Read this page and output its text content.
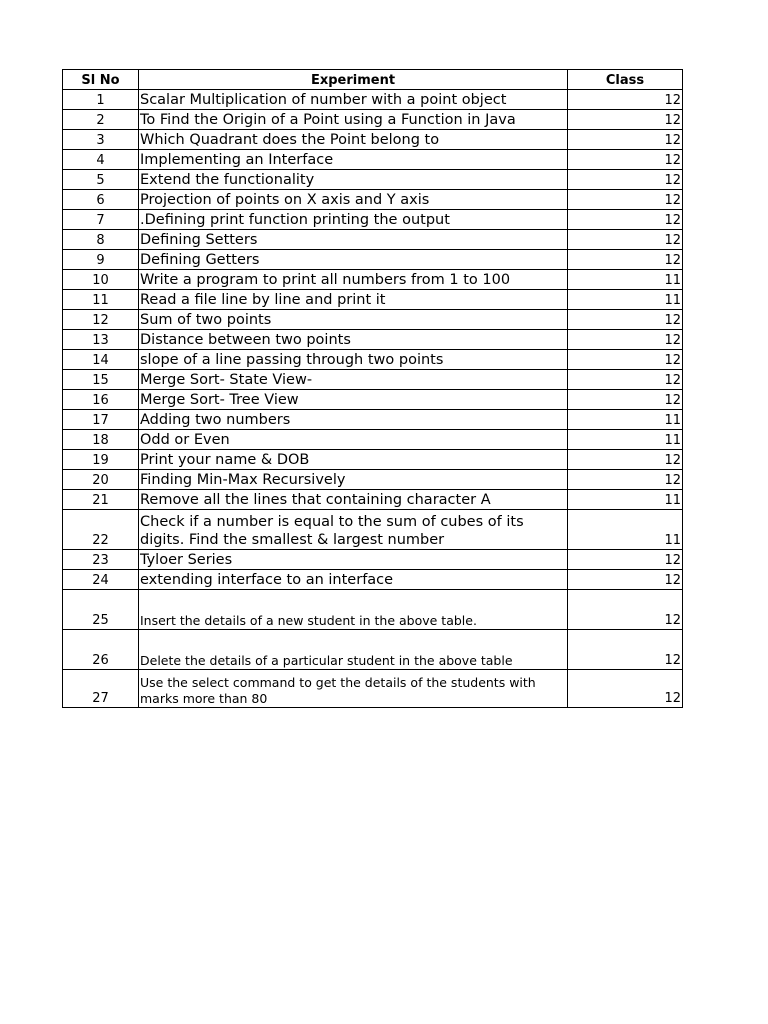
Sl No	Experiment	Class
1	Scalar Multiplication of number with a point object	12
2	To Find the Origin of a Point using a Function in Java	12
3	Which Quadrant does the Point belong to	12
4	Implementing an Interface	12
5	Extend the functionality	12
6	Projection of points on X axis and Y axis	12
7	.Defining print function printing the output	12
8	Defining Setters	12
9	Defining Getters	12
10	Write a program to print all numbers from 1 to 100	11
11	Read a file line by line and print it	11
12	Sum of two points	12
13	Distance between two points	12
14	slope of a line passing through two points	12
15	Merge Sort- State View-	12
16	Merge Sort- Tree View	12
17	Adding two numbers	11
18	Odd or Even	11
19	Print your name & DOB	12
20	Finding Min-Max Recursively	12
21	Remove all the lines that containing character A	11
22	Check if a number is equal to the sum of cubes of its digits. Find the smallest & largest number	11
23	Tyloer Series	12
24	extending interface to an interface	12
25	Insert the details of a new student in the above table.	12
26	Delete the details of a particular student in the above table	12
27	Use the select command to get the details of the students with marks more than 80	12
